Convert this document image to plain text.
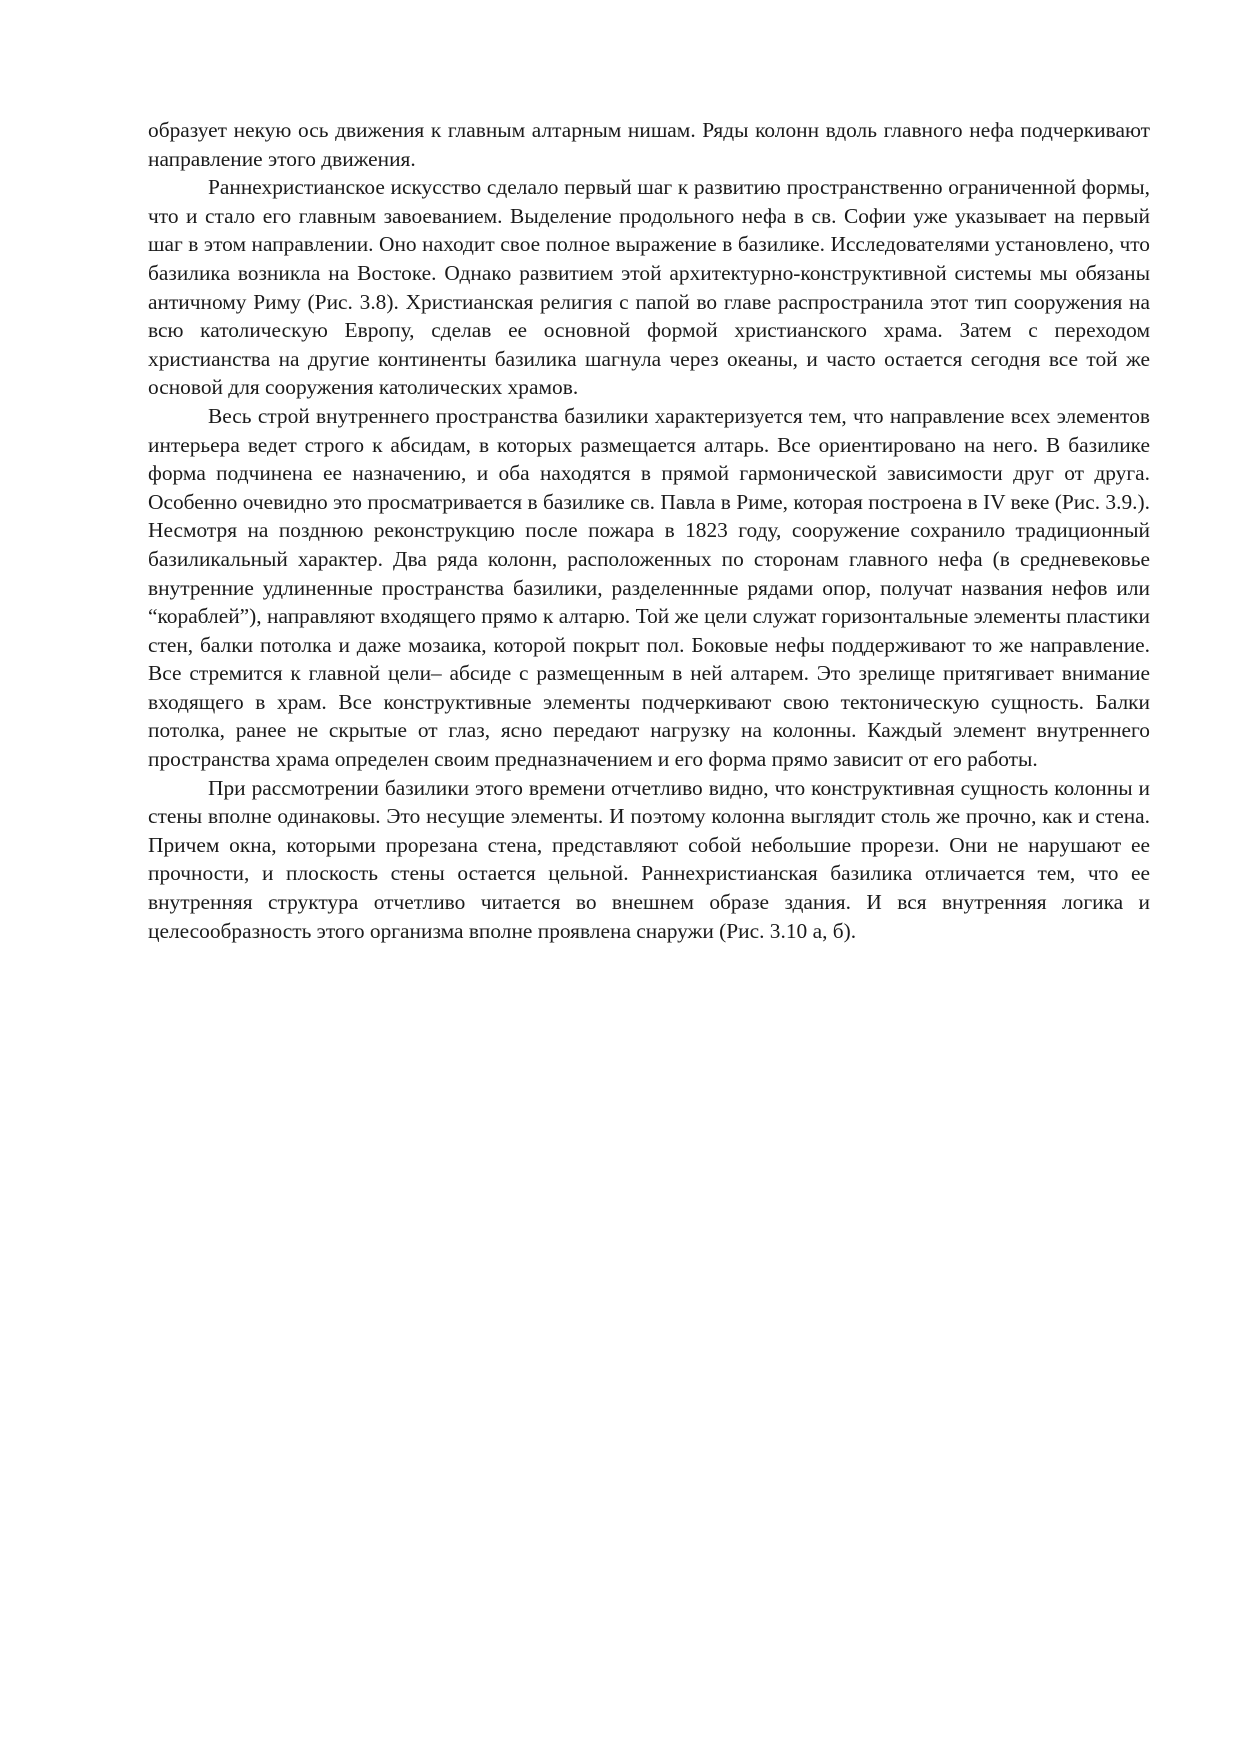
образует некую ось движения к главным алтарным нишам. Ряды колонн вдоль главного нефа подчеркивают направление этого движения.

Раннехристианское искусство сделало первый шаг к развитию пространственно ограниченной формы, что и стало его главным завоеванием. Выделение продольного нефа в св. Софии уже указывает на первый шаг в этом направлении. Оно находит свое полное выражение в базилике. Исследователями установлено, что базилика возникла на Востоке. Однако развитием этой архитектурно-конструктивной системы мы обязаны античному Риму (Рис. 3.8). Христианская религия с папой во главе распространила этот тип сооружения на всю католическую Европу, сделав ее основной формой христианского храма. Затем с переходом христианства на другие континенты базилика шагнула через океаны, и часто остается сегодня все той же основой для сооружения католических храмов.

Весь строй внутреннего пространства базилики характеризуется тем, что направление всех элементов интерьера ведет строго к абсидам, в которых размещается алтарь. Все ориентировано на него. В базилике форма подчинена ее назначению, и оба находятся в прямой гармонической зависимости друг от друга. Особенно очевидно это просматривается в базилике св. Павла в Риме, которая построена в IV веке (Рис. 3.9.). Несмотря на позднюю реконструкцию после пожара в 1823 году, сооружение сохранило традиционный базиликальный характер. Два ряда колонн, расположенных по сторонам главного нефа (в средневековье внутренние удлиненные пространства базилики, разделеннные рядами опор, получат названия нефов или “кораблей”), направляют входящего прямо к алтарю. Той же цели служат горизонтальные элементы пластики стен, балки потолка и даже мозаика, которой покрыт пол. Боковые нефы поддерживают то же направление. Все стремится к главной цели– абсиде с размещенным в ней алтарем. Это зрелище притягивает внимание входящего в храм. Все конструктивные элементы подчеркивают свою тектоническую сущность. Балки потолка, ранее не скрытые от глаз, ясно передают нагрузку на колонны. Каждый элемент внутреннего пространства храма определен своим предназначением и его форма прямо зависит от его работы.

При рассмотрении базилики этого времени отчетливо видно, что конструктивная сущность колонны и стены вполне одинаковы. Это несущие элементы. И поэтому колонна выглядит столь же прочно, как и стена. Причем окна, которыми прорезана стена, представляют собой небольшие прорези. Они не нарушают ее прочности, и плоскость стены остается цельной. Раннехристианская базилика отличается тем, что ее внутренняя структура отчетливо читается во внешнем образе здания. И вся внутренняя логика и целесообразность этого организма вполне проявлена снаружи (Рис. 3.10 а, б).
